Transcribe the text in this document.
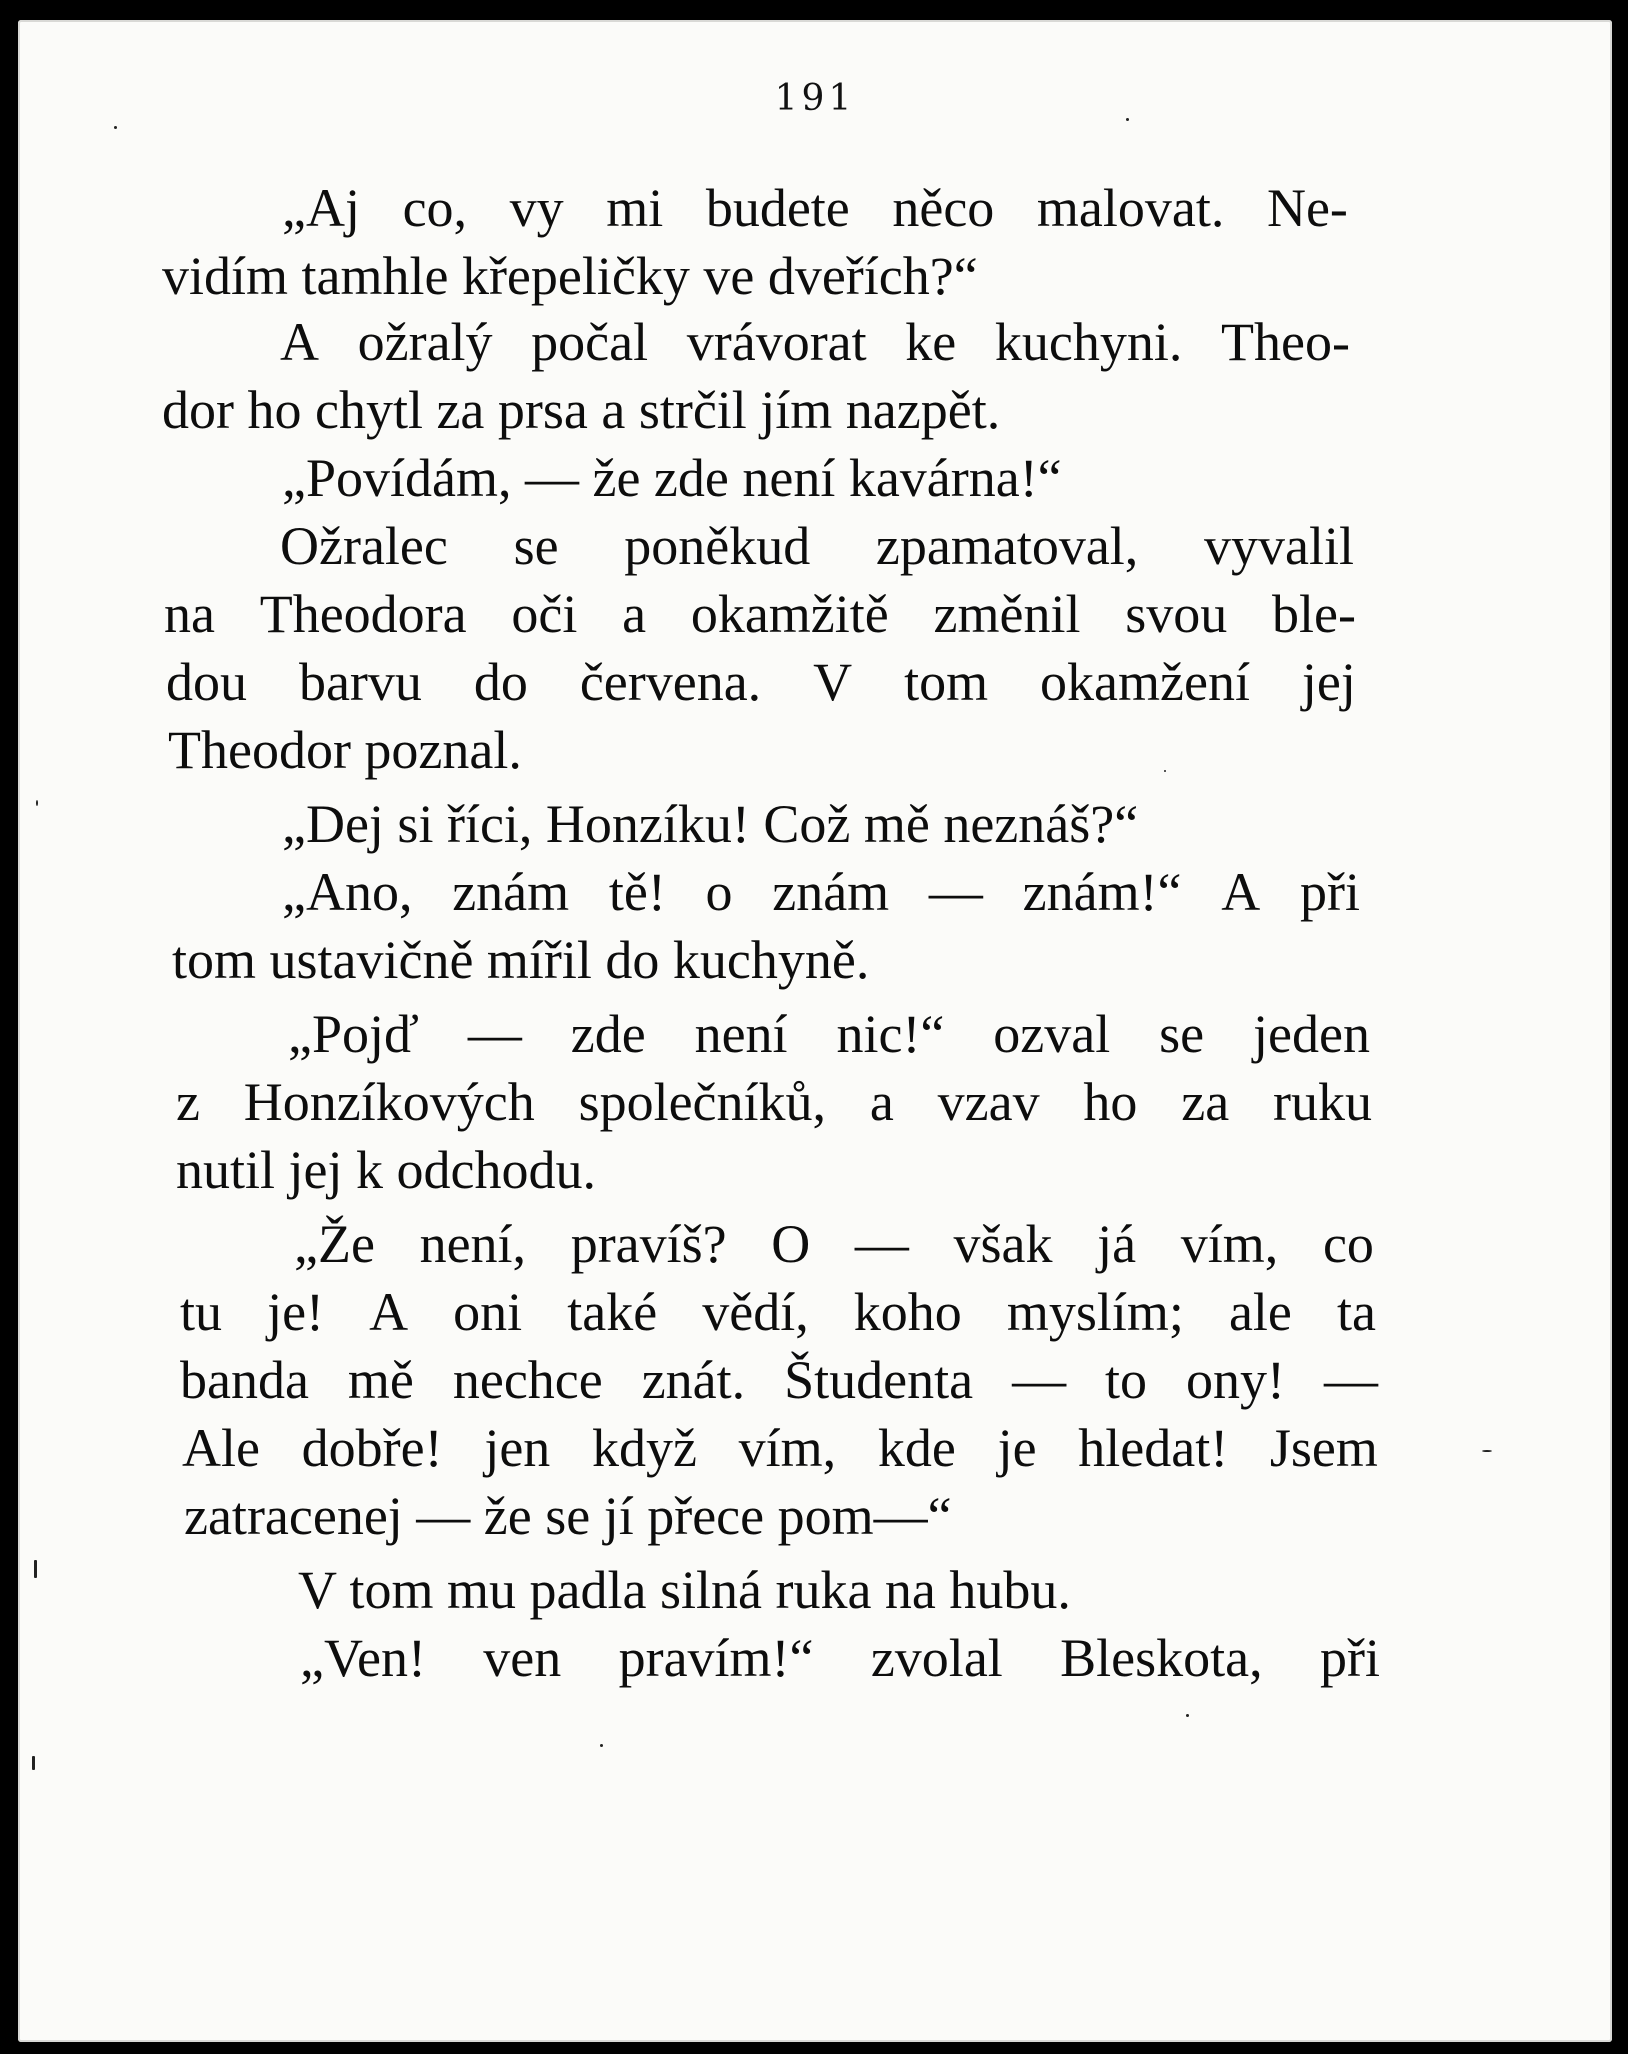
191
„Aj co, vy mi budete něco malovat. Ne-
vidím tamhle křepeličky ve dveřích?“
A ožralý počal vrávorat ke kuchyni. Theo-
dor ho chytl za prsa a strčil jím nazpět.
„Povídám, — že zde není kavárna!“
Ožralec se poněkud zpamatoval, vyvalil
na Theodora oči a okamžitě změnil svou ble-
dou barvu do červena. V tom okamžení jej
Theodor poznal.
„Dej si říci, Honzíku! Což mě neznáš?“
„Ano, znám tě! o znám — znám!“ A při
tom ustavičně mířil do kuchyně.
„Pojď — zde není nic!“ ozval se jeden
z Honzíkových společníků, a vzav ho za ruku
nutil jej k odchodu.
„Že není, pravíš? O — však já vím, co
tu je! A oni také vědí, koho myslím; ale ta
banda mě nechce znát. Študenta — to ony! —
Ale dobře! jen když vím, kde je hledat! Jsem
zatracenej — že se jí přece pom—“
V tom mu padla silná ruka na hubu.
„Ven! ven pravím!“ zvolal Bleskota, při
